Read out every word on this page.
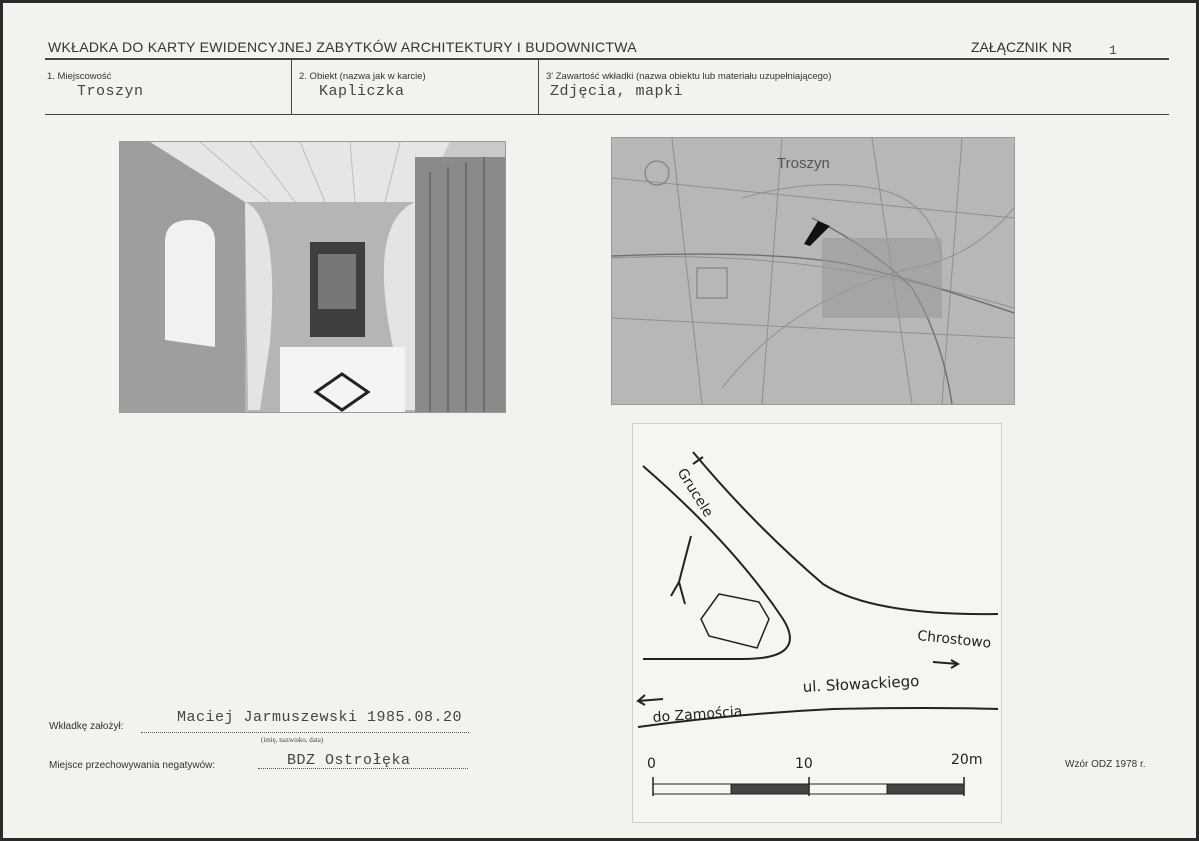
WKŁADKA DO KARTY EWIDENCYJNEJ ZABYTKÓW ARCHITEKTURY I BUDOWNICTWA	ZAŁĄCZNIK NR	1
1. Miejscowość
Troszyn
2. Obiekt (nazwa jak w karcie)
Kapliczka
3' Zawartość wkładki (nazwa obiektu lub materiału uzupełniającego)
Zdjęcia, mapki
Troszyn
Grucele
Chrostowo
ul. Słowackiego
do Zamościa
0	10	20m
Wkładkę założył:
Maciej Jarmuszewski 1985.08.20
(imię, nazwisko, data)
Miejsce przechowywania negatywów:	BDZ Ostrołęka	Wzór ODZ 1978 r.
